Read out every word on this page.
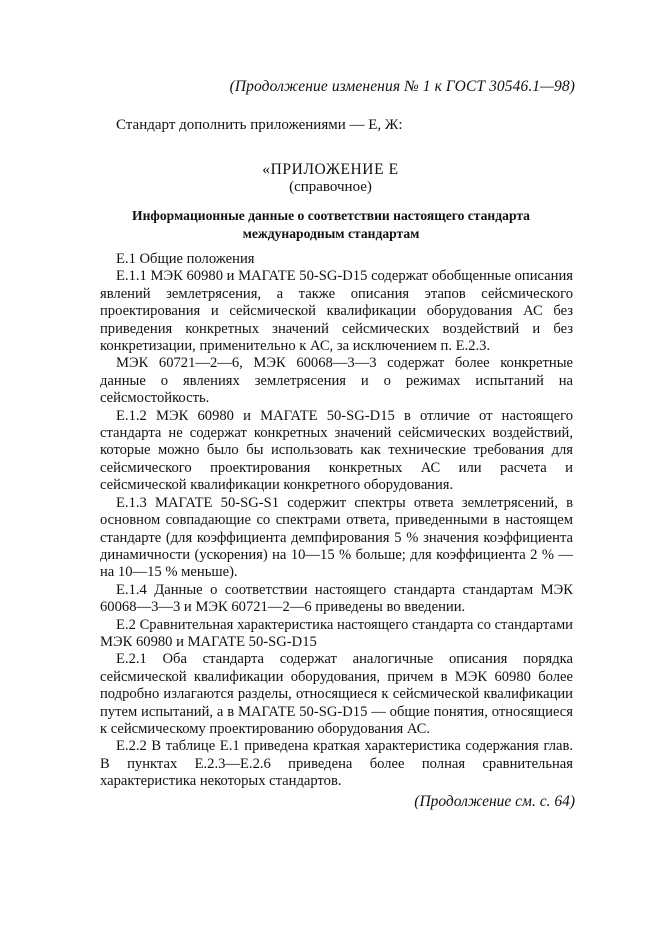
(Продолжение изменения № 1 к ГОСТ 30546.1—98)
Стандарт дополнить приложениями — Е, Ж:
«ПРИЛОЖЕНИЕ Е
(справочное)
Информационные данные о соответствии настоящего стандарта международным стандартам

Е.1 Общие положения

Е.1.1 МЭК 60980 и МАГАТЕ 50-SG-D15 содержат обобщенные описания явлений землетрясения, а также описания этапов сейсмического проектирования и сейсмической квалификации оборудования АС без приведения конкретных значений сейсмических воздействий и без конкретизации, применительно к АС, за исключением п. Е.2.3.

МЭК 60721—2—6, МЭК 60068—3—3 содержат более конкретные данные о явлениях землетрясения и о режимах испытаний на сейсмостойкость.

Е.1.2 МЭК 60980 и МАГАТЕ 50-SG-D15 в отличие от настоящего стандарта не содержат конкретных значений сейсмических воздействий, которые можно было бы использовать как технические требования для сейсмического проектирования конкретных АС или расчета и сейсмической квалификации конкретного оборудования.

Е.1.3 МАГАТЕ 50-SG-S1 содержит спектры ответа землетрясений, в основном совпадающие со спектрами ответа, приведенными в настоящем стандарте (для коэффициента демпфирования 5 % значения коэффициента динамичности (ускорения) на 10—15 % больше; для коэффициента 2 % — на 10—15 % меньше).

Е.1.4 Данные о соответствии настоящего стандарта стандартам МЭК 60068—3—3 и МЭК 60721—2—6 приведены во введении.

Е.2 Сравнительная характеристика настоящего стандарта со стандартами МЭК 60980 и МАГАТЕ 50-SG-D15

Е.2.1 Оба стандарта содержат аналогичные описания порядка сейсмической квалификации оборудования, причем в МЭК 60980 более подробно излагаются разделы, относящиеся к сейсмической квалификации путем испытаний, а в МАГАТЕ 50-SG-D15 — общие понятия, относящиеся к сейсмическому проектированию оборудования АС.

Е.2.2 В таблице Е.1 приведена краткая характеристика содержания глав. В пунктах Е.2.3—Е.2.6 приведена более полная сравнительная характеристика некоторых стандартов.

(Продолжение см. с. 64)
